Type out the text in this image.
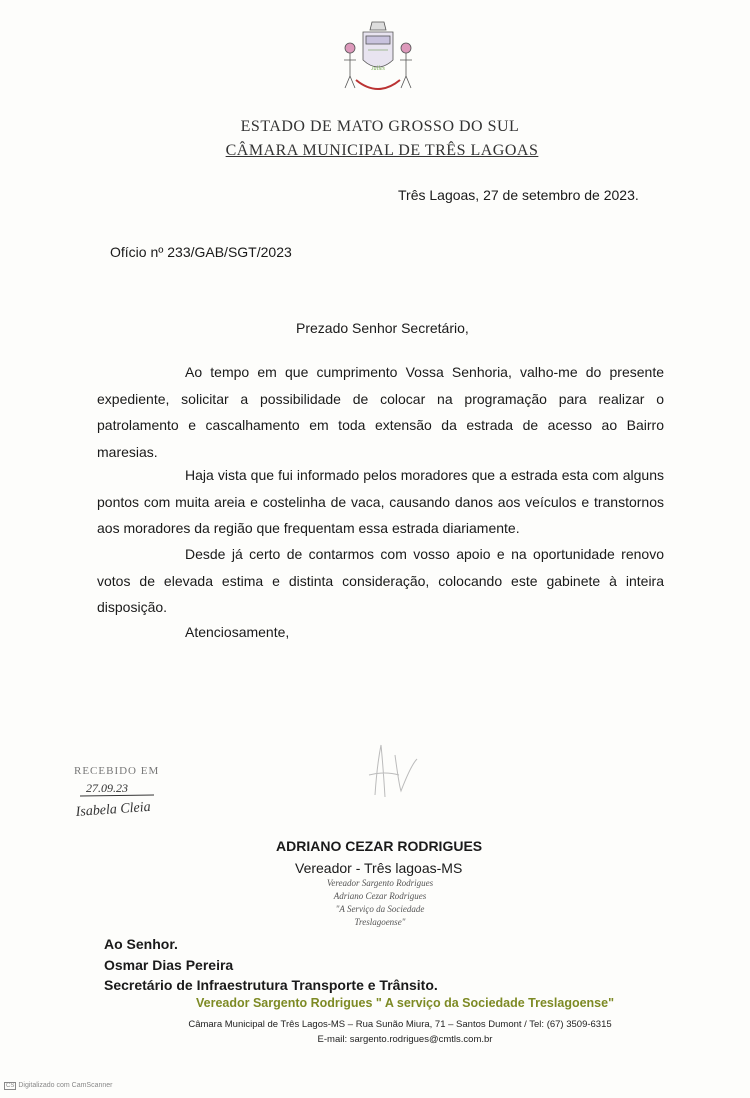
Jalles
ESTADO DE MATO GROSSO DO SUL
CÂMARA MUNICIPAL DE TRÊS LAGOAS
Três Lagoas, 27 de setembro de 2023.
Ofício nº 233/GAB/SGT/2023
Prezado Senhor Secretário,
Ao tempo em que cumprimento Vossa Senhoria, valho-me do presente expediente, solicitar a possibilidade de colocar na programação para realizar o patrolamento e cascalhamento em toda extensão da estrada de acesso ao Bairro maresias.
Haja vista que fui informado pelos moradores que a estrada esta com alguns pontos com muita areia e costelinha de vaca, causando danos aos veículos e transtornos aos moradores da região que frequentam essa estrada diariamente.
Desde já certo de contarmos com vosso apoio e na oportunidade renovo votos de elevada estima e distinta consideração, colocando este gabinete à inteira disposição.
Atenciosamente,
RECEBIDO EM
27.09.23
Isabela Cleia
ADRIANO CEZAR RODRIGUES
Vereador - Três lagoas-MS
Vereador Sargento Rodrigues
Adriano Cezar Rodrigues
"A Serviço da Sociedade
Treslagoense"
Ao Senhor.
Osmar Dias Pereira
Secretário de Infraestrutura Transporte e Trânsito.
Vereador Sargento Rodrigues " A serviço da Sociedade Treslagoense"
Câmara Municipal de Três Lagos-MS – Rua Sunão Miura, 71 – Santos Dumont / Tel: (67) 3509-6315
E-mail: sargento.rodrigues@cmtls.com.br
CS Digitalizado com CamScanner
